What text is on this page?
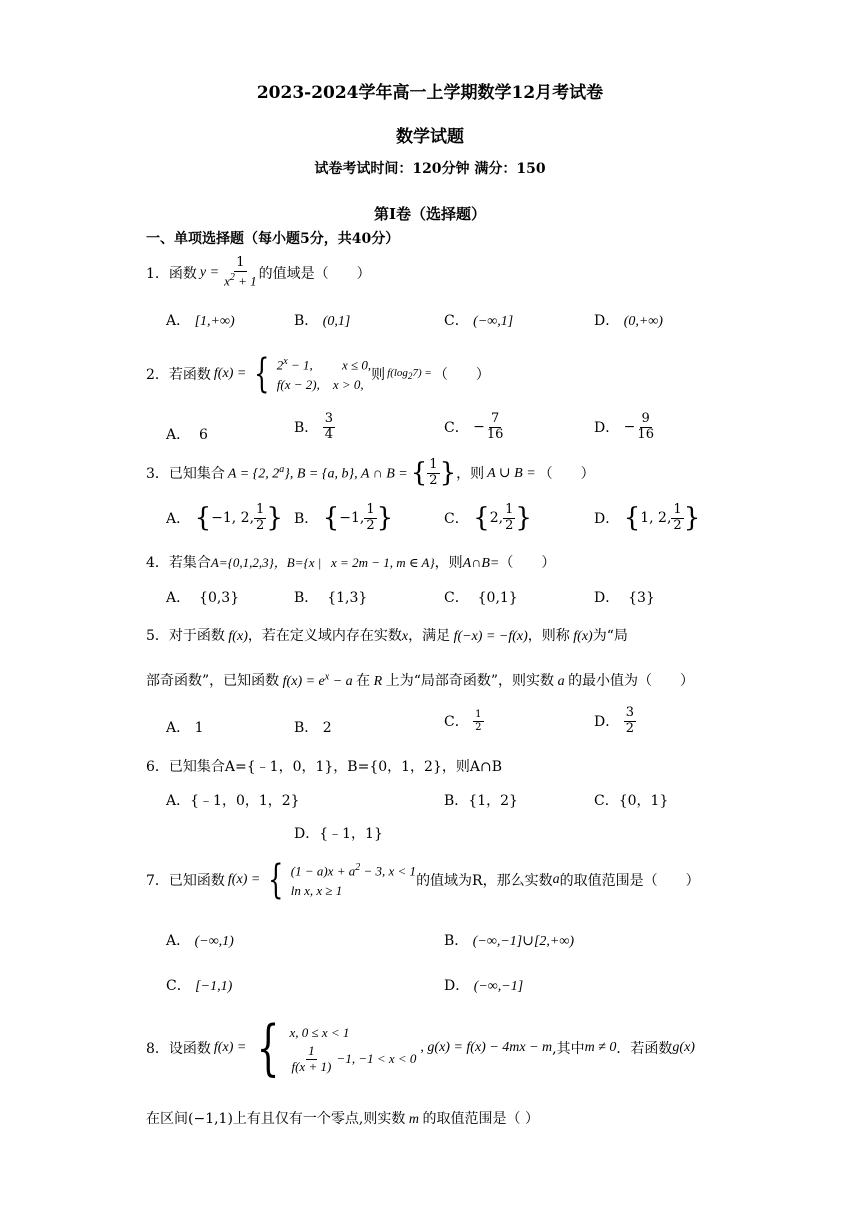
2023-2024学年高一上学期数学12月考试卷
数学试题
试卷考试时间：120分钟 满分：150
第I卷（选择题）
一、单项选择题（每小题5分，共40分）
1． 函数 $y = \frac{1}{x^2 + 1}$ 的值域是（　　）
A． [1,+∞)	B． (0,1]	C． (−∞,1]	D． (0,+∞)
2． 若函数 f(x) = { $2^x - 1$,         x ≤ 0,
f(x − 2),    x > 0,
则 $f(\log_27)$ = （　　）
A． 6	B．
$\frac{3}{4}$	C． − $\frac{7}{16}$	D． − $\frac{9}{16}$
3． 已知集合 A = {2, 2$^a$}, B = {a, b}, A ∩ B = { $\frac{1}{2}$ } ，则 A ∪ B = （　　）
A．
{ −1, 2, $\frac{1}{2}$ } B．
{ −1, $\frac{1}{2}$ }	C．
{ 2, $\frac{1}{2}$ }	D．
{ 1, 2, $\frac{1}{2}$ }
4．若集合A={0,1,2,3}，B={x |   x = 2m − 1, m ∈ A}，则A∩B=（　　）
A． {0,3}	B． {1,3}	C． {0,1}	D． {3}
5．对于函数 f(x)，若在定义域内存在实数x，满足 f(−x) = −f(x)，则称 f(x)为“局
部奇函数”，已知函数 $f(x) = e^x - a$ 在 R 上为“局部奇函数”，则实数 a 的最小值为（　　）
A． 1	B． 2	C．
$\frac{1}{2}$	D．
$\frac{3}{2}$
6．已知集合A={﹣1，0，1}，B={0，1，2}，则A∩B
A．{﹣1，0，1，2}	B．{1，2}	C．{0，1}
D．{﹣1，1}
7． 已知函数 f(x) = { $(1 - a)x + a^2 - 3$, x < 1
ln x, x ≥ 1
的值域为R，那么实数 a 的取值范围是（　　）
A． (−∞,1)	B． (−∞,−1]∪[2,+∞)
C． [−1,1)	D． (−∞,−1]
8． 设函数 f(x) = { x, 0 ≤ x < 1
$\frac{1}{f(x + 1)} -1$, −1 < x < 0
, g(x) = f(x) − 4mx − m ,其中 m ≠ 0 ．若函数 g(x)
在区间(−1,1)上有且仅有一个零点,则实数 m 的取值范围是（ ）
